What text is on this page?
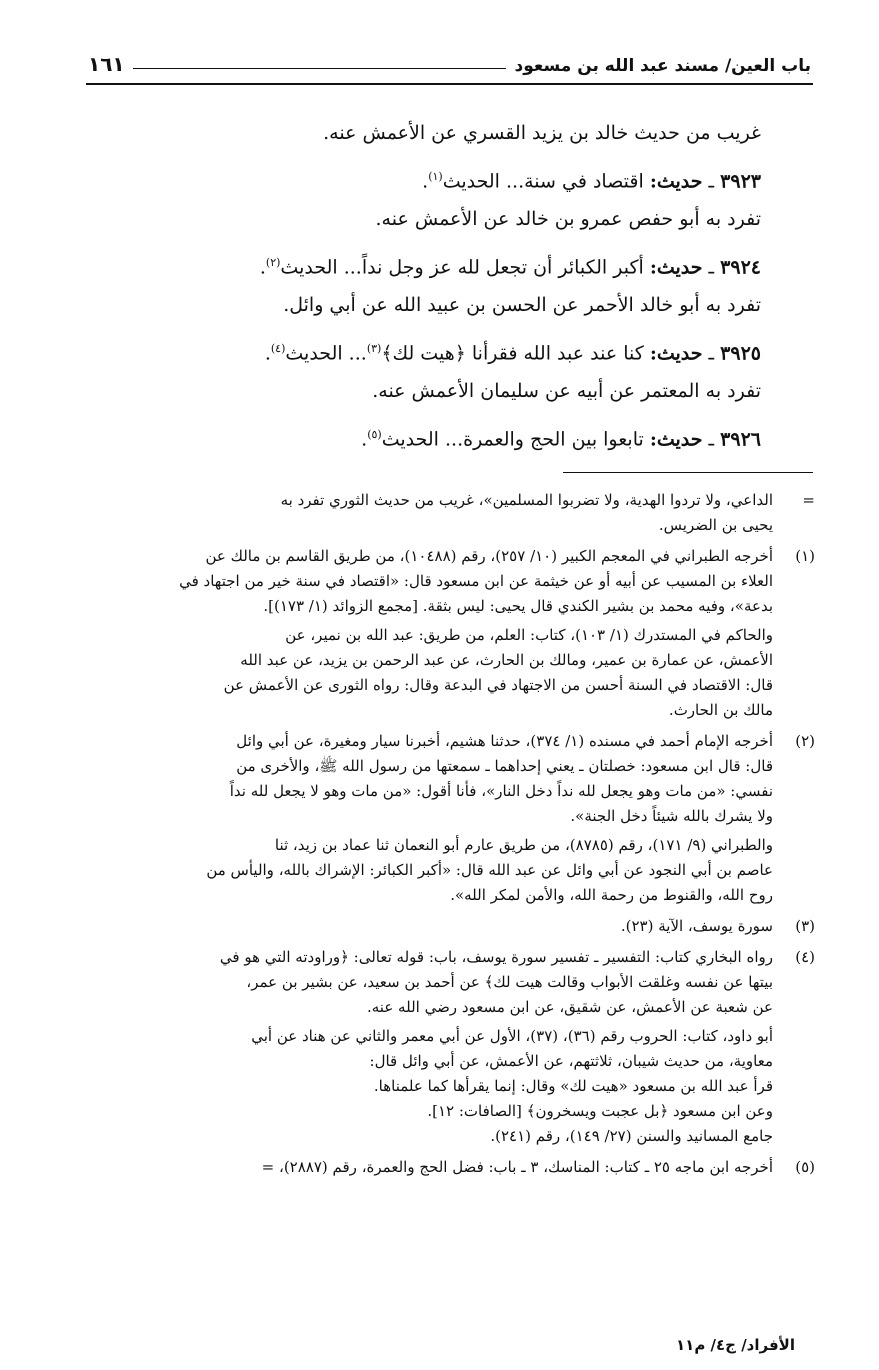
باب العين/ مسند عبد الله بن مسعود
١٦١

غريب من حديث خالد بن يزيد القسري عن الأعمش عنه.

٣٩٢٣ ـ حديث: اقتصاد في سنة... الحديث$^{(١)}$.

تفرد به أبو حفص عمرو بن خالد عن الأعمش عنه.

٣٩٢٤ ـ حديث: أكبر الكبائر أن تجعل لله عز وجل نداً... الحديث$^{(٢)}$.

تفرد به أبو خالد الأحمر عن الحسن بن عبيد الله عن أبي وائل.

٣٩٢٥ ـ حديث: كنا عند عبد الله فقرأنا ﴿هيت لك﴾$^{(٣)}$... الحديث$^{(٤)}$.

تفرد به المعتمر عن أبيه عن سليمان الأعمش عنه.

٣٩٢٦ ـ حديث: تابعوا بين الحج والعمرة... الحديث$^{(٥)}$.

=

الداعي، ولا تردوا الهدية، ولا تضربوا المسلمين»، غريب من حديث الثوري تفرد به

يحيى بن الضريس.

(١)

أخرجه الطبراني في المعجم الكبير (١٠/ ٢٥٧)، رقم (١٠٤٨٨)، من طريق القاسم بن مالك عن

العلاء بن المسيب عن أبيه أو عن خيثمة عن ابن مسعود قال: «اقتصاد في سنة خير من اجتهاد في

بدعة»، وفيه محمد بن بشير الكندي قال يحيى: ليس بثقة. [مجمع الزوائد (١/ ١٧٣)].

والحاكم في المستدرك (١/ ١٠٣)، كتاب: العلم، من طريق: عبد الله بن نمير، عن

الأعمش، عن عمارة بن عمير، ومالك بن الحارث، عن عبد الرحمن بن يزيد، عن عبد الله

قال: الاقتصاد في السنة أحسن من الاجتهاد في البدعة وقال: رواه الثورى عن الأعمش عن

مالك بن الحارث.

(٢)

أخرجه الإمام أحمد في مسنده (١/ ٣٧٤)، حدثنا هشيم، أخبرنا سيار ومغيرة، عن أبي وائل

قال: قال ابن مسعود: خصلتان ـ يعني إحداهما ـ سمعتها من رسول الله ﷺ، والأخرى من

نفسي: «من مات وهو يجعل لله نداً دخل النار»، فأنا أقول: «من مات وهو لا يجعل لله نداً

ولا يشرك بالله شيئاً دخل الجنة».

والطبراني (٩/ ١٧١)، رقم (٨٧٨٥)، من طريق عارم أبو النعمان ثنا عماد بن زيد، ثنا

عاصم بن أبي النجود عن أبي وائل عن عبد الله قال: «أكبر الكبائر: الإشراك بالله، واليأس من

روح الله، والقنوط من رحمة الله، والأمن لمكر الله».

(٣)

سورة يوسف، الآية (٢٣).

(٤)

رواه البخاري كتاب: التفسير ـ تفسير سورة يوسف، باب: قوله تعالى: ﴿وراودته التي هو في

بيتها عن نفسه وغلقت الأبواب وقالت هيت لك﴾ عن أحمد بن سعيد، عن بشير بن عمر،

عن شعبة عن الأعمش، عن شقيق، عن ابن مسعود رضي الله عنه.

أبو داود، كتاب: الحروب رقم (٣٦)، (٣٧)، الأول عن أبي معمر والثاني عن هناد عن أبي

معاوية، من حديث شيبان، ثلاثتهم، عن الأعمش، عن أبي وائل قال:

قرأ عبد الله بن مسعود «هيت لك» وقال: إنما يقرأها كما علمناها.

وعن ابن مسعود ﴿بل عجبت ويسخرون﴾ [الصافات: ١٢].

جامع المسانيد والسنن (٢٧/ ١٤٩)، رقم (٢٤١).

(٥)

أخرجه ابن ماجه ٢٥ ـ كتاب: المناسك، ٣ ـ باب: فضل الحج والعمرة، رقم (٢٨٨٧)، =

الأفراد/ ج٤/ م١١
